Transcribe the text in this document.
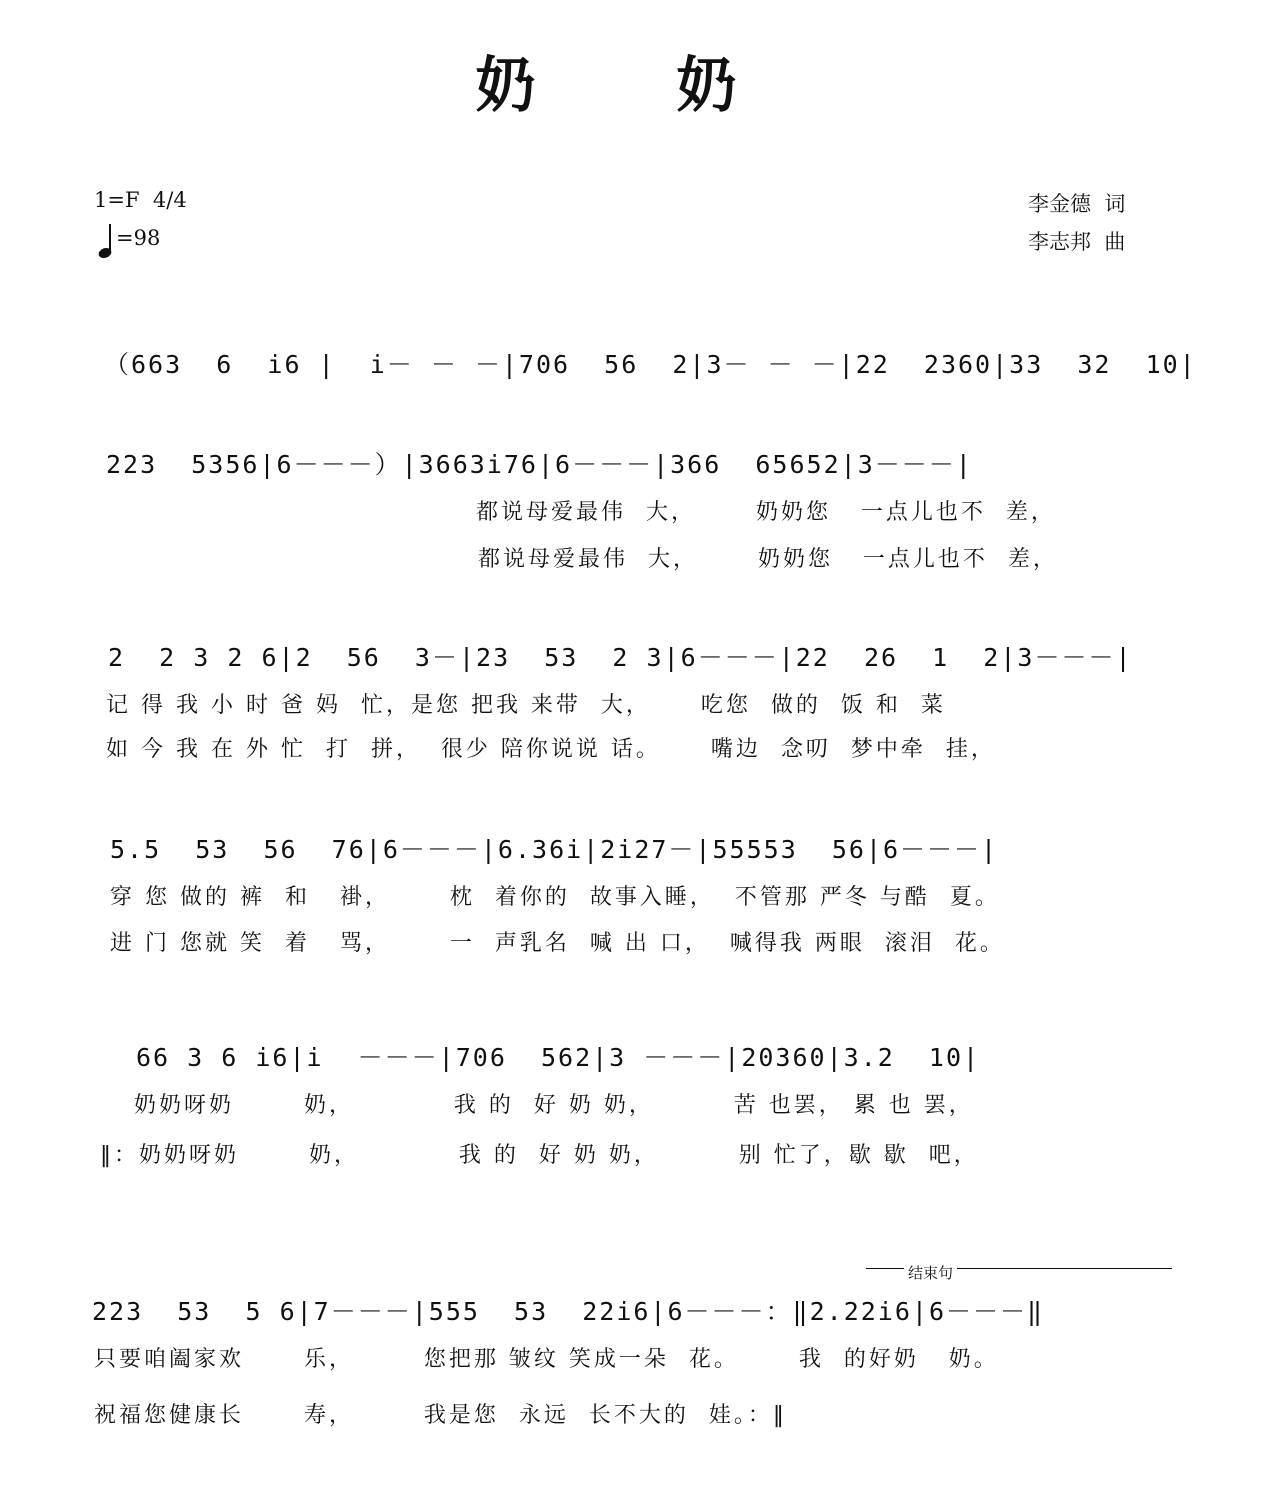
奶 奶
1=F  4/4
=98
李金德  词
李志邦  曲
（663  6  i6 |  i－ － －|706  56  2|3－ － －|22  2360|33  32  10|
223  5356|6－－－）|3663i76|6－－－|366  65652|3－－－|
都说母爱最伟  大，      奶奶您   一点儿也不  差，
都说母爱最伟  大，      奶奶您   一点儿也不  差，
2  2 3 2 6|2  56  3－|23  53  2 3|6－－－|22  26  1  2|3－－－|
记 得 我 小 时 爸 妈  忙，是您 把我 来带  大，     吃您  做的  饭 和  菜
如 今 我 在 外 忙  打  拼，  很少 陪你说说 话。     嘴边  念叨  梦中牵  挂，
5.5  53  56  76|6－－－|6.36i|2i27－|55553  56|6－－－|
穿 您 做的 裤  和   褂，      枕  着你的  故事入睡，  不管那 严冬 与酷  夏。
进 门 您就 笑  着   骂，      一  声乳名  喊 出 口，  喊得我 两眼  滚泪  花。
66 3 6 i6|i  －－－|706  562|3 －－－|20360|3.2  10|
奶奶呀奶       奶，          我 的  好 奶 奶，        苦 也罢， 累 也 罢，
‖：奶奶呀奶       奶，          我 的  好 奶 奶，        别 忙了，歇 歇  吧，
结束句
223  53  5 6|7－－－|555  53  22i6|6－－－：‖2.22i6|6－－－‖
只要咱阖家欢      乐，       您把那 皱纹 笑成一朵  花。      我  的好奶   奶。
祝福您健康长      寿，       我是您  永远  长不大的  娃。：‖
